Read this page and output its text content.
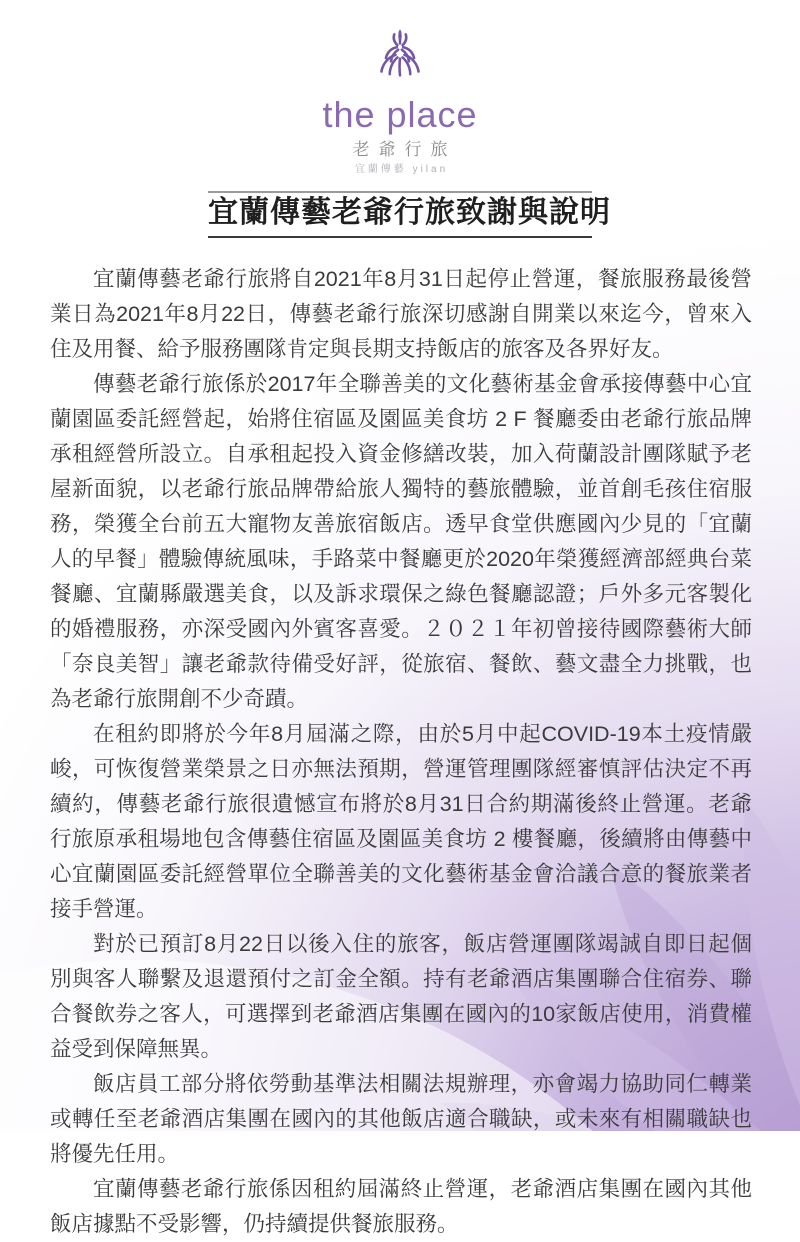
the place
老爺行旅
宜蘭傳藝 yilan
宜蘭傳藝老爺行旅致謝與說明

宜蘭傳藝老爺行旅將自2021年8月31日起停止營運，餐旅服務最後營業日為2021年8月22日，傳藝老爺行旅深切感謝自開業以來迄今，曾來入住及用餐、給予服務團隊肯定與長期支持飯店的旅客及各界好友。

傳藝老爺行旅係於2017年全聯善美的文化藝術基金會承接傳藝中心宜蘭園區委託經營起，始將住宿區及園區美食坊 2 F 餐廳委由老爺行旅品牌承租經營所設立。自承租起投入資金修繕改裝，加入荷蘭設計團隊賦予老屋新面貌，以老爺行旅品牌帶給旅人獨特的藝旅體驗，並首創毛孩住宿服務，榮獲全台前五大寵物友善旅宿飯店。透早食堂供應國內少見的「宜蘭人的早餐」體驗傳統風味，手路菜中餐廳更於2020年榮獲經濟部經典台菜餐廳、宜蘭縣嚴選美食，以及訴求環保之綠色餐廳認證；戶外多元客製化的婚禮服務，亦深受國內外賓客喜愛。２０２１年初曾接待國際藝術大師「奈良美智」讓老爺款待備受好評，從旅宿、餐飲、藝文盡全力挑戰，也為老爺行旅開創不少奇蹟。

在租約即將於今年8月屆滿之際，由於5月中起COVID-19本土疫情嚴峻，可恢復營業榮景之日亦無法預期，營運管理團隊經審慎評估決定不再續約，傳藝老爺行旅很遺憾宣布將於8月31日合約期滿後終止營運。老爺行旅原承租場地包含傳藝住宿區及園區美食坊 2 樓餐廳，後續將由傳藝中心宜蘭園區委託經營單位全聯善美的文化藝術基金會洽議合意的餐旅業者接手營運。

對於已預訂8月22日以後入住的旅客，飯店營運團隊竭誠自即日起個別與客人聯繫及退還預付之訂金全額。持有老爺酒店集團聯合住宿券、聯合餐飲券之客人，可選擇到老爺酒店集團在國內的10家飯店使用，消費權益受到保障無異。

飯店員工部分將依勞動基準法相關法規辦理，亦會竭力協助同仁轉業或轉任至老爺酒店集團在國內的其他飯店適合職缺，或未來有相關職缺也將優先任用。

宜蘭傳藝老爺行旅係因租約屆滿終止營運，老爺酒店集團在國內其他飯店據點不受影響，仍持續提供餐旅服務。
